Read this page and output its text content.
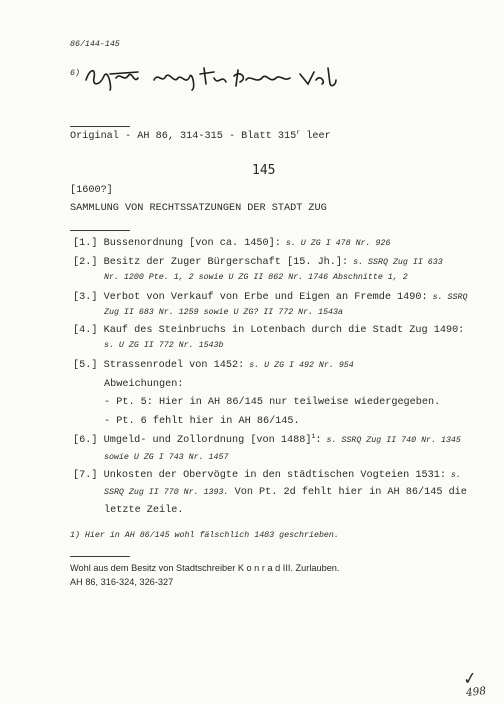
86/144-145
6)
Original - AH 86, 314-315 - Blatt 315$^r$ leer
145
[1600?]
SAMMLUNG VON RECHTSSATZUNGEN DER STADT ZUG
[1.] Bussenordnung [von ca. 1450]: s. U ZG I 478 Nr. 926
[2.] Besitz der Zuger Bürgerschaft [15. Jh.]: s. SSRQ Zug II 633
Nr. 1200 Pte. 1, 2 sowie U ZG II 862 Nr. 1746 Abschnitte 1, 2
[3.] Verbot von Verkauf von Erbe und Eigen an Fremde 1490: s. SSRQ
Zug II 683 Nr. 1259 sowie U ZG? II 772 Nr. 1543a
[4.] Kauf des Steinbruchs in Lotenbach durch die Stadt Zug 1490:
s. U ZG II 772 Nr. 1543b
[5.] Strassenrodel von 1452: s. U ZG I 492 Nr. 954
Abweichungen:
- Pt. 5: Hier in AH 86/145 nur teilweise wiedergegeben.
- Pt. 6 fehlt hier in AH 86/145.
[6.] Umgeld- und Zollordnung [von 1488]$^1$: s. SSRQ Zug II 740 Nr. 1345
sowie U ZG I 743 Nr. 1457
[7.] Unkosten der Obervögte in den städtischen Vogteien 1531: s.
SSRQ Zug II 770 Nr. 1393. Von Pt. 2d fehlt hier in AH 86/145 die
letzte Zeile.
1) Hier in AH 86/145 wohl fälschlich 1483 geschrieben.
Wohl aus dem Besitz von Stadtschreiber K o n r a d III. Zurlauben.
AH 86, 316-324, 326-327
✓
498
